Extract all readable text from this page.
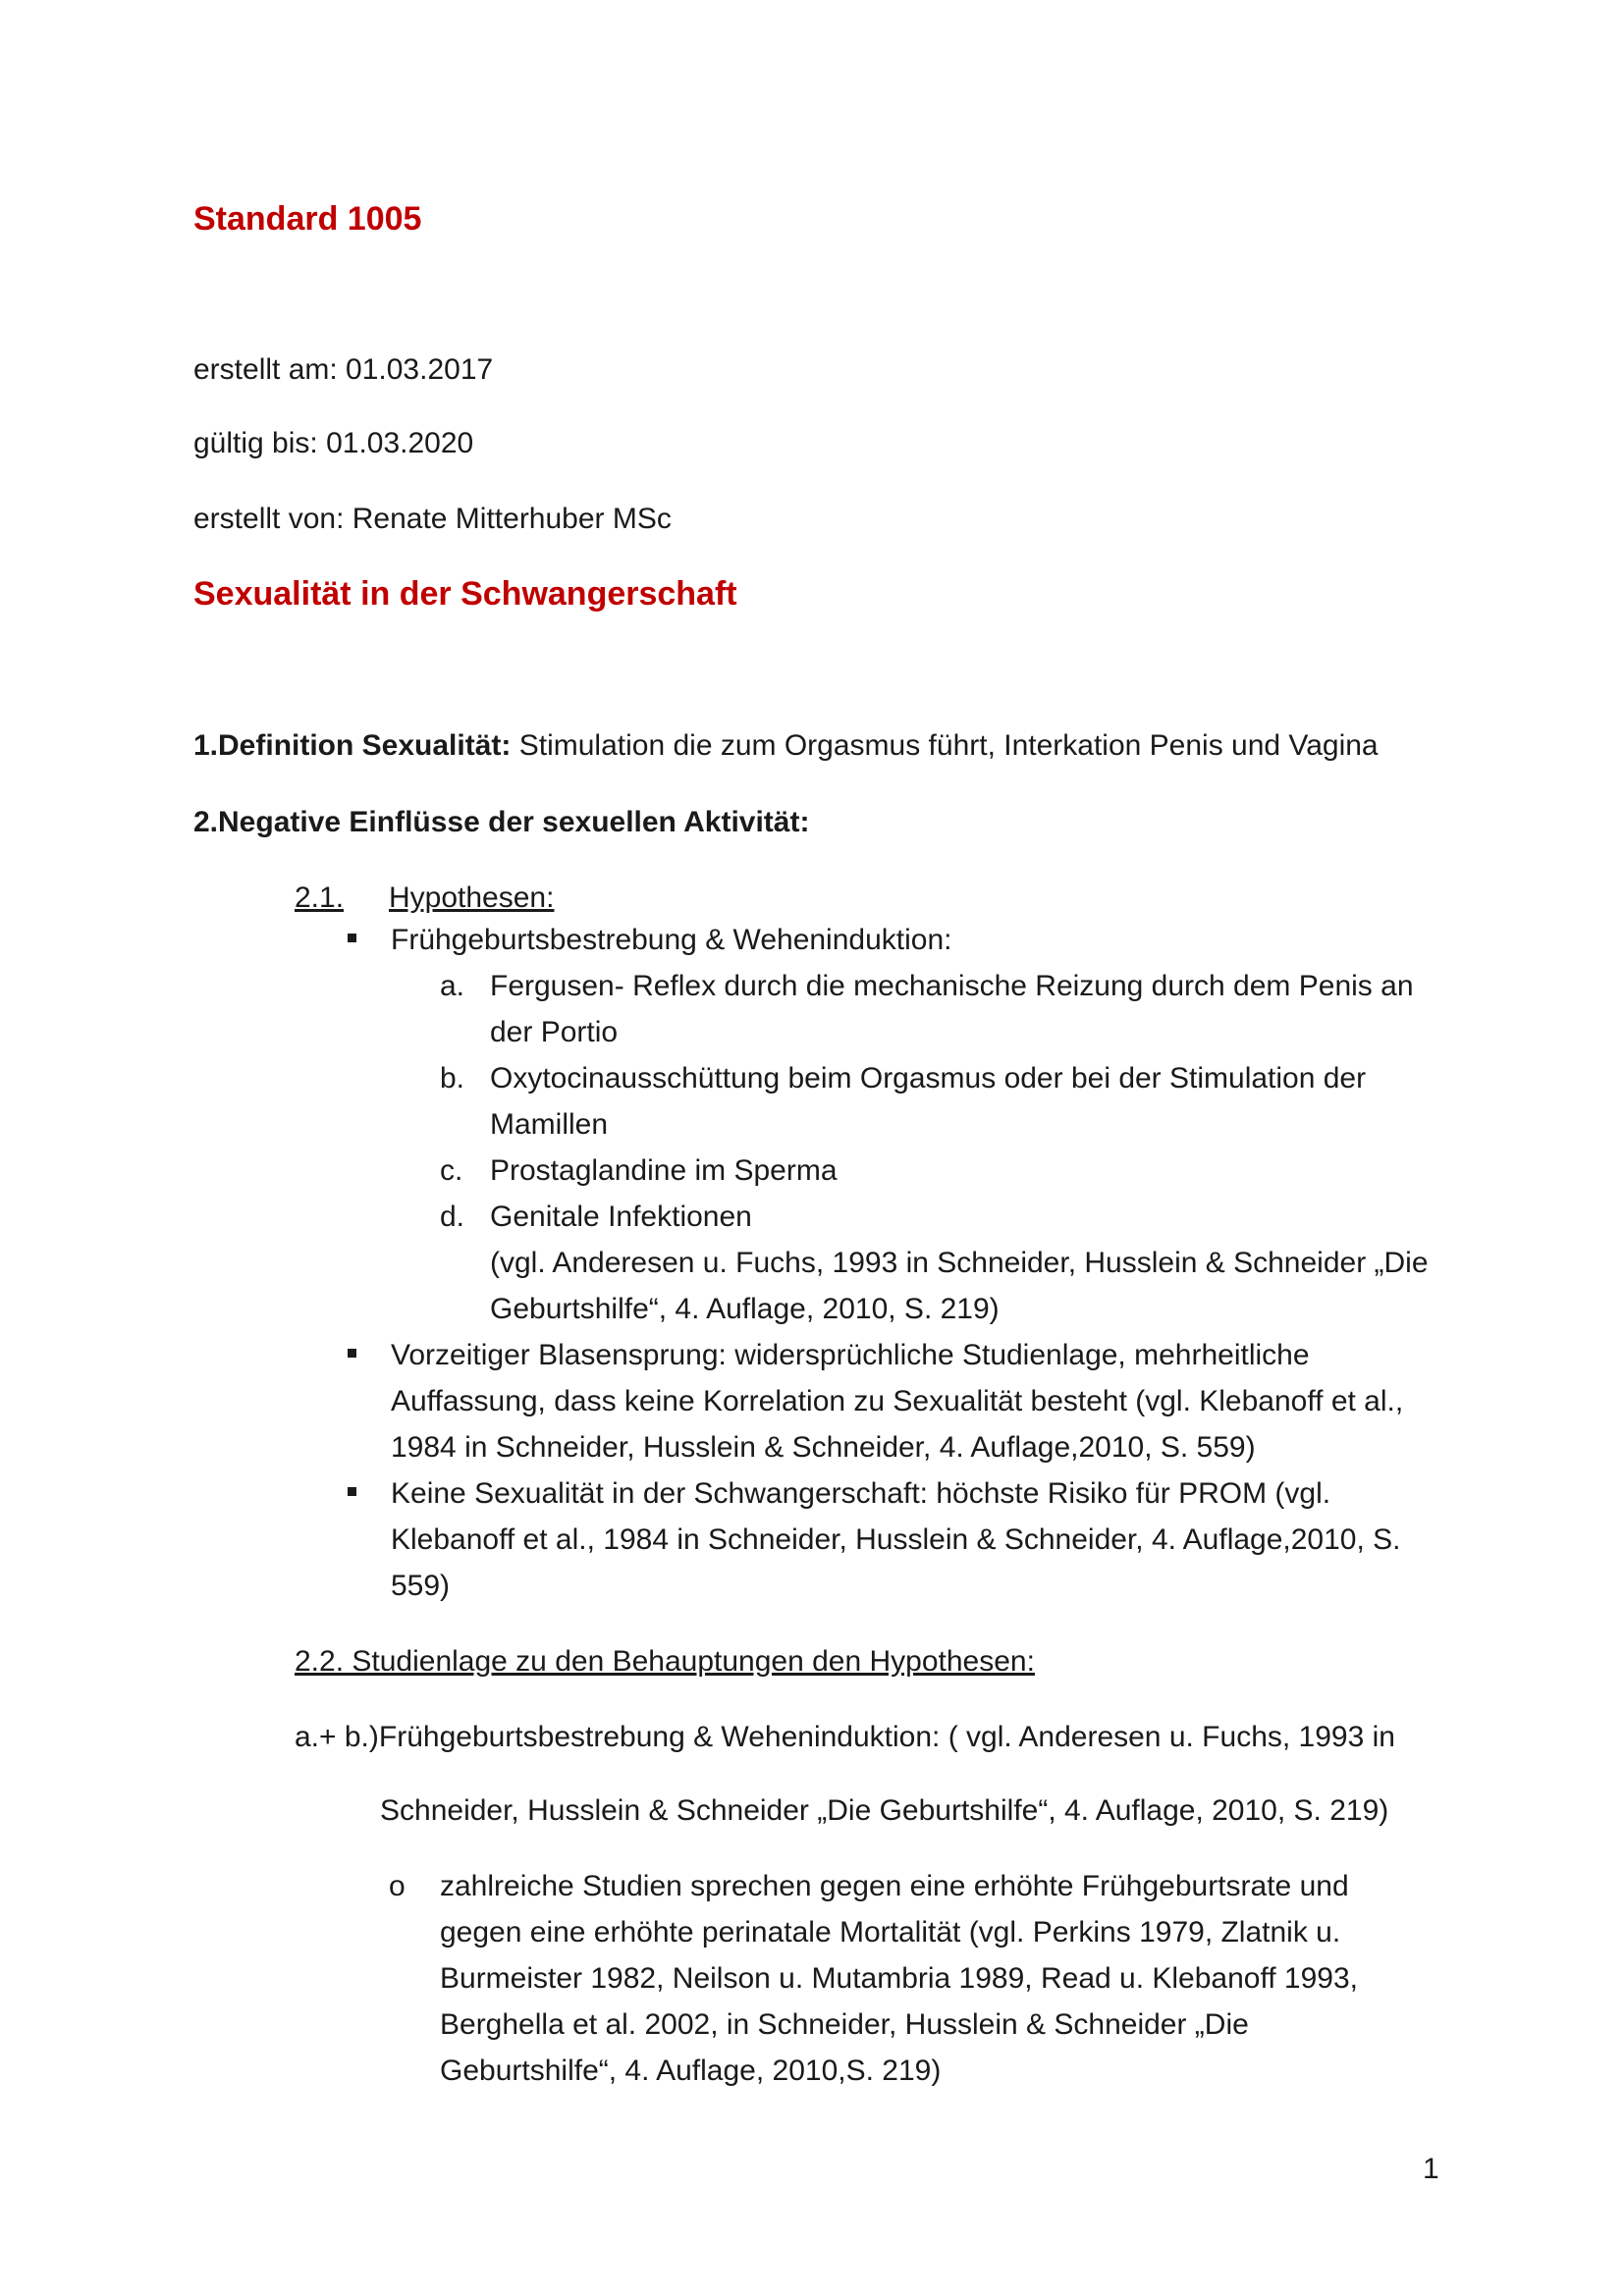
Standard 1005
erstellt am: 01.03.2017
gültig bis: 01.03.2020
erstellt von: Renate Mitterhuber MSc
Sexualität in der Schwangerschaft
1.Definition Sexualität: Stimulation die zum Orgasmus führt, Interkation Penis und Vagina
2.Negative Einflüsse der sexuellen Aktivität:
2.1. Hypothesen:
Frühgeburtsbestrebung & Weheninduktion:
a. Fergusen- Reflex durch die mechanische Reizung durch dem Penis an
der Portio
b. Oxytocinausschüttung beim Orgasmus oder bei der Stimulation der
Mamillen
c. Prostaglandine im Sperma
d. Genitale Infektionen
(vgl. Anderesen u. Fuchs, 1993 in Schneider, Husslein & Schneider „Die
Geburtshilfe“, 4. Auflage, 2010, S. 219)
Vorzeitiger Blasensprung: widersprüchliche Studienlage, mehrheitliche
Auffassung, dass keine Korrelation zu Sexualität besteht (vgl. Klebanoff et al.,
1984 in Schneider, Husslein & Schneider, 4. Auflage,2010, S. 559)
Keine Sexualität in der Schwangerschaft: höchste Risiko für PROM (vgl.
Klebanoff et al., 1984 in Schneider, Husslein & Schneider, 4. Auflage,2010, S.
559)
2.2. Studienlage zu den Behauptungen den Hypothesen:
a.+ b.)Frühgeburtsbestrebung & Weheninduktion: ( vgl. Anderesen u. Fuchs, 1993 in
Schneider, Husslein & Schneider „Die Geburtshilfe“, 4. Auflage, 2010, S. 219)
o zahlreiche Studien sprechen gegen eine erhöhte Frühgeburtsrate und
gegen eine erhöhte perinatale Mortalität (vgl. Perkins 1979, Zlatnik u.
Burmeister 1982, Neilson u. Mutambria 1989, Read u. Klebanoff 1993,
Berghella et al. 2002, in Schneider, Husslein & Schneider „Die
Geburtshilfe“, 4. Auflage, 2010,S. 219)
1
